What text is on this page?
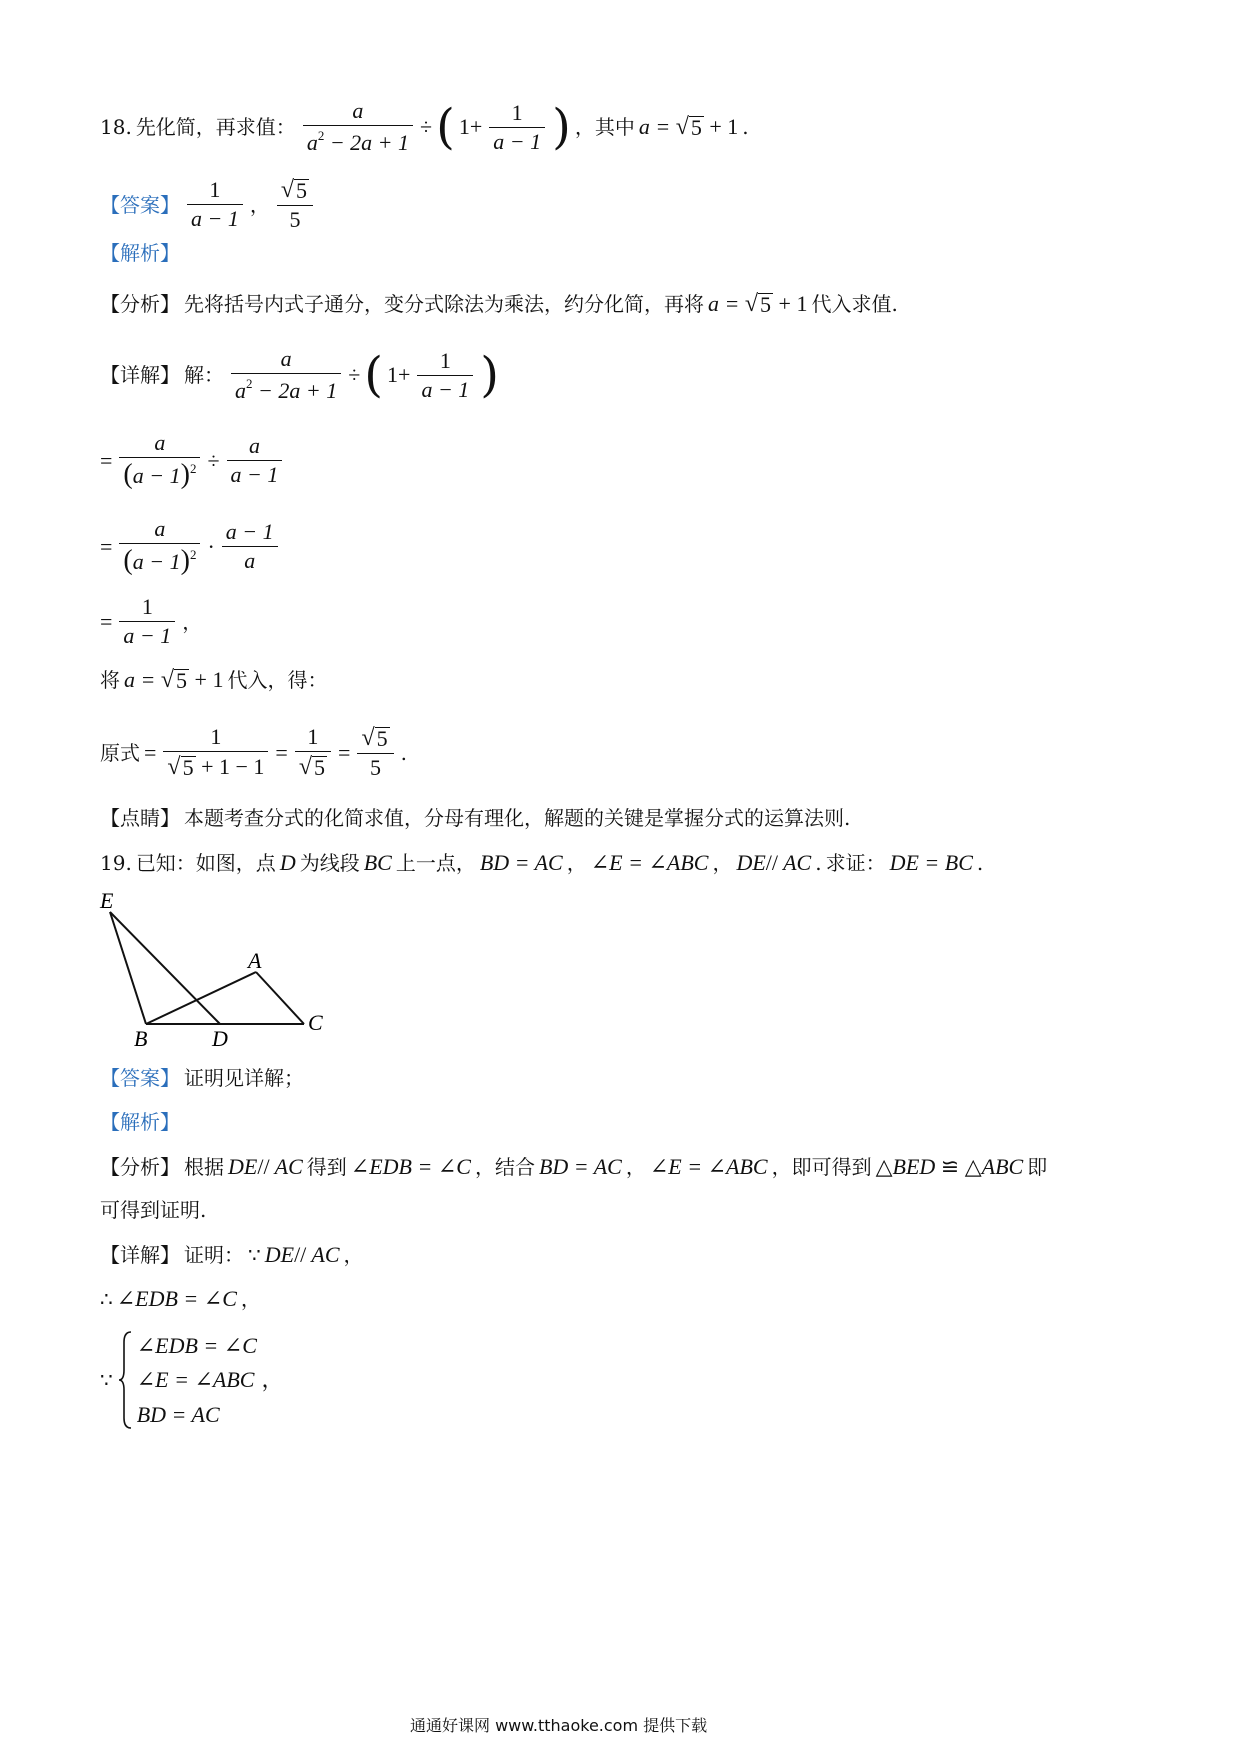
18. 先化简，再求值： $\frac{a}{a^2 - 2a + 1}$ ÷ ( $1+ \frac{1}{a - 1}$ ) ，其中 a = √ 5 + 1 .
【答案】 $\frac{1}{a - 1}$ ， $\frac{√ 5}{5}$
【解析】
【分析】 先将括号内式子通分，变分式除法为乘法，约分化简，再将 a = √ 5 + 1 代入求值.
【详解】 解： $\frac{a}{a^2 - 2a + 1}$ ÷ ( $1+ \frac{1}{a - 1}$ )
= $\frac{a}{(a - 1)^2} \div \frac{a}{a - 1}$
= $\frac{a}{(a - 1)^2} \cdot \frac{a - 1}{a}$
= $\frac{1}{a - 1}$ ，
将 a = √ 5 + 1 代入，得：
原式 = $\frac{1}{√ 5 + 1 - 1} = \frac{1}{√ 5} = \frac{√ 5}{5}$ .
【点睛】 本题考查分式的化简求值，分母有理化，解题的关键是掌握分式的运算法则.
19. 已知：如图，点 D 为线段 BC 上一点， BD = AC ， ∠E = ∠ABC ， DE// AC . 求证： DE = BC .
E
A
B	D
C
【答案】 证明见详解；
【解析】
【分析】 根据 DE// AC 得到 ∠EDB = ∠C ，结合 BD = AC ， ∠E = ∠ABC ，即可得到 △BED ≌ △ABC 即
可得到证明.
【详解】 证明： ∵ DE// AC ，
∴ ∠EDB = ∠C ，
∵
∠EDB = ∠C
∠E = ∠ABC ，
BD = AC
通通好课网 www.tthaoke.com 提供下载
